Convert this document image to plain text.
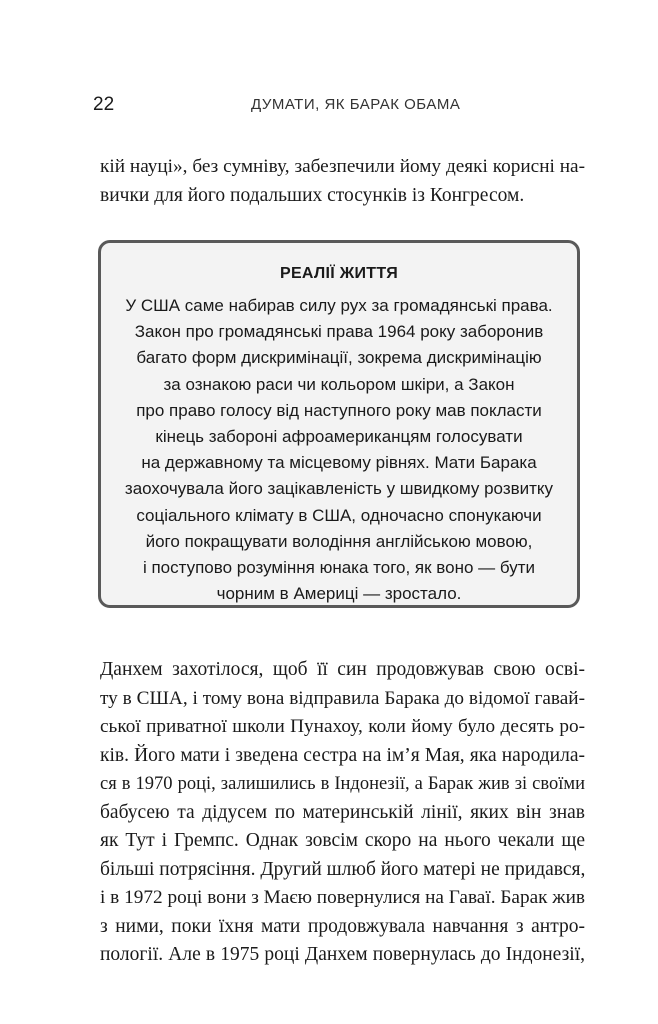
22	ДУМАТИ, ЯК БАРАК ОБАМА
кій науці», без сумніву, забезпечили йому деякі корисні на-
вички для його подальших стосунків із Конгресом.
РЕАЛІЇ ЖИТТЯ
У США саме набирав силу рух за громадянські права.
Закон про громадянські права 1964 року заборонив
багато форм дискримінації, зокрема дискримінацію
за ознакою раси чи кольором шкіри, а Закон
про право голосу від наступного року мав покласти
кінець забороні афроамериканцям голосувати
на державному та місцевому рівнях. Мати Барака
заохочувала його зацікавленість у швидкому розвитку
соціального клімату в США, одночасно спонукаючи
його покращувати володіння англійською мовою,
і поступово розуміння юнака того, як воно — бути
чорним в Америці — зростало.
Данхем захотілося, щоб її син продовжував свою осві-
ту в США, і тому вона відправила Барака до відомої гавай-
ської приватної школи Пунахоу, коли йому було десять ро-
ків. Його мати і зведена сестра на ім’я Мая, яка народила-
ся в 1970 році, залишились в Індонезії, а Барак жив зі своїми
бабусею та дідусем по материнській лінії, яких він знав
як Тут і Гремпс. Однак зовсім скоро на нього чекали ще
більші потрясіння. Другий шлюб його матері не придався,
і в 1972 році вони з Маєю повернулися на Гаваї. Барак жив
з ними, поки їхня мати продовжувала навчання з антро-
пології. Але в 1975 році Данхем повернулась до Індонезії,
